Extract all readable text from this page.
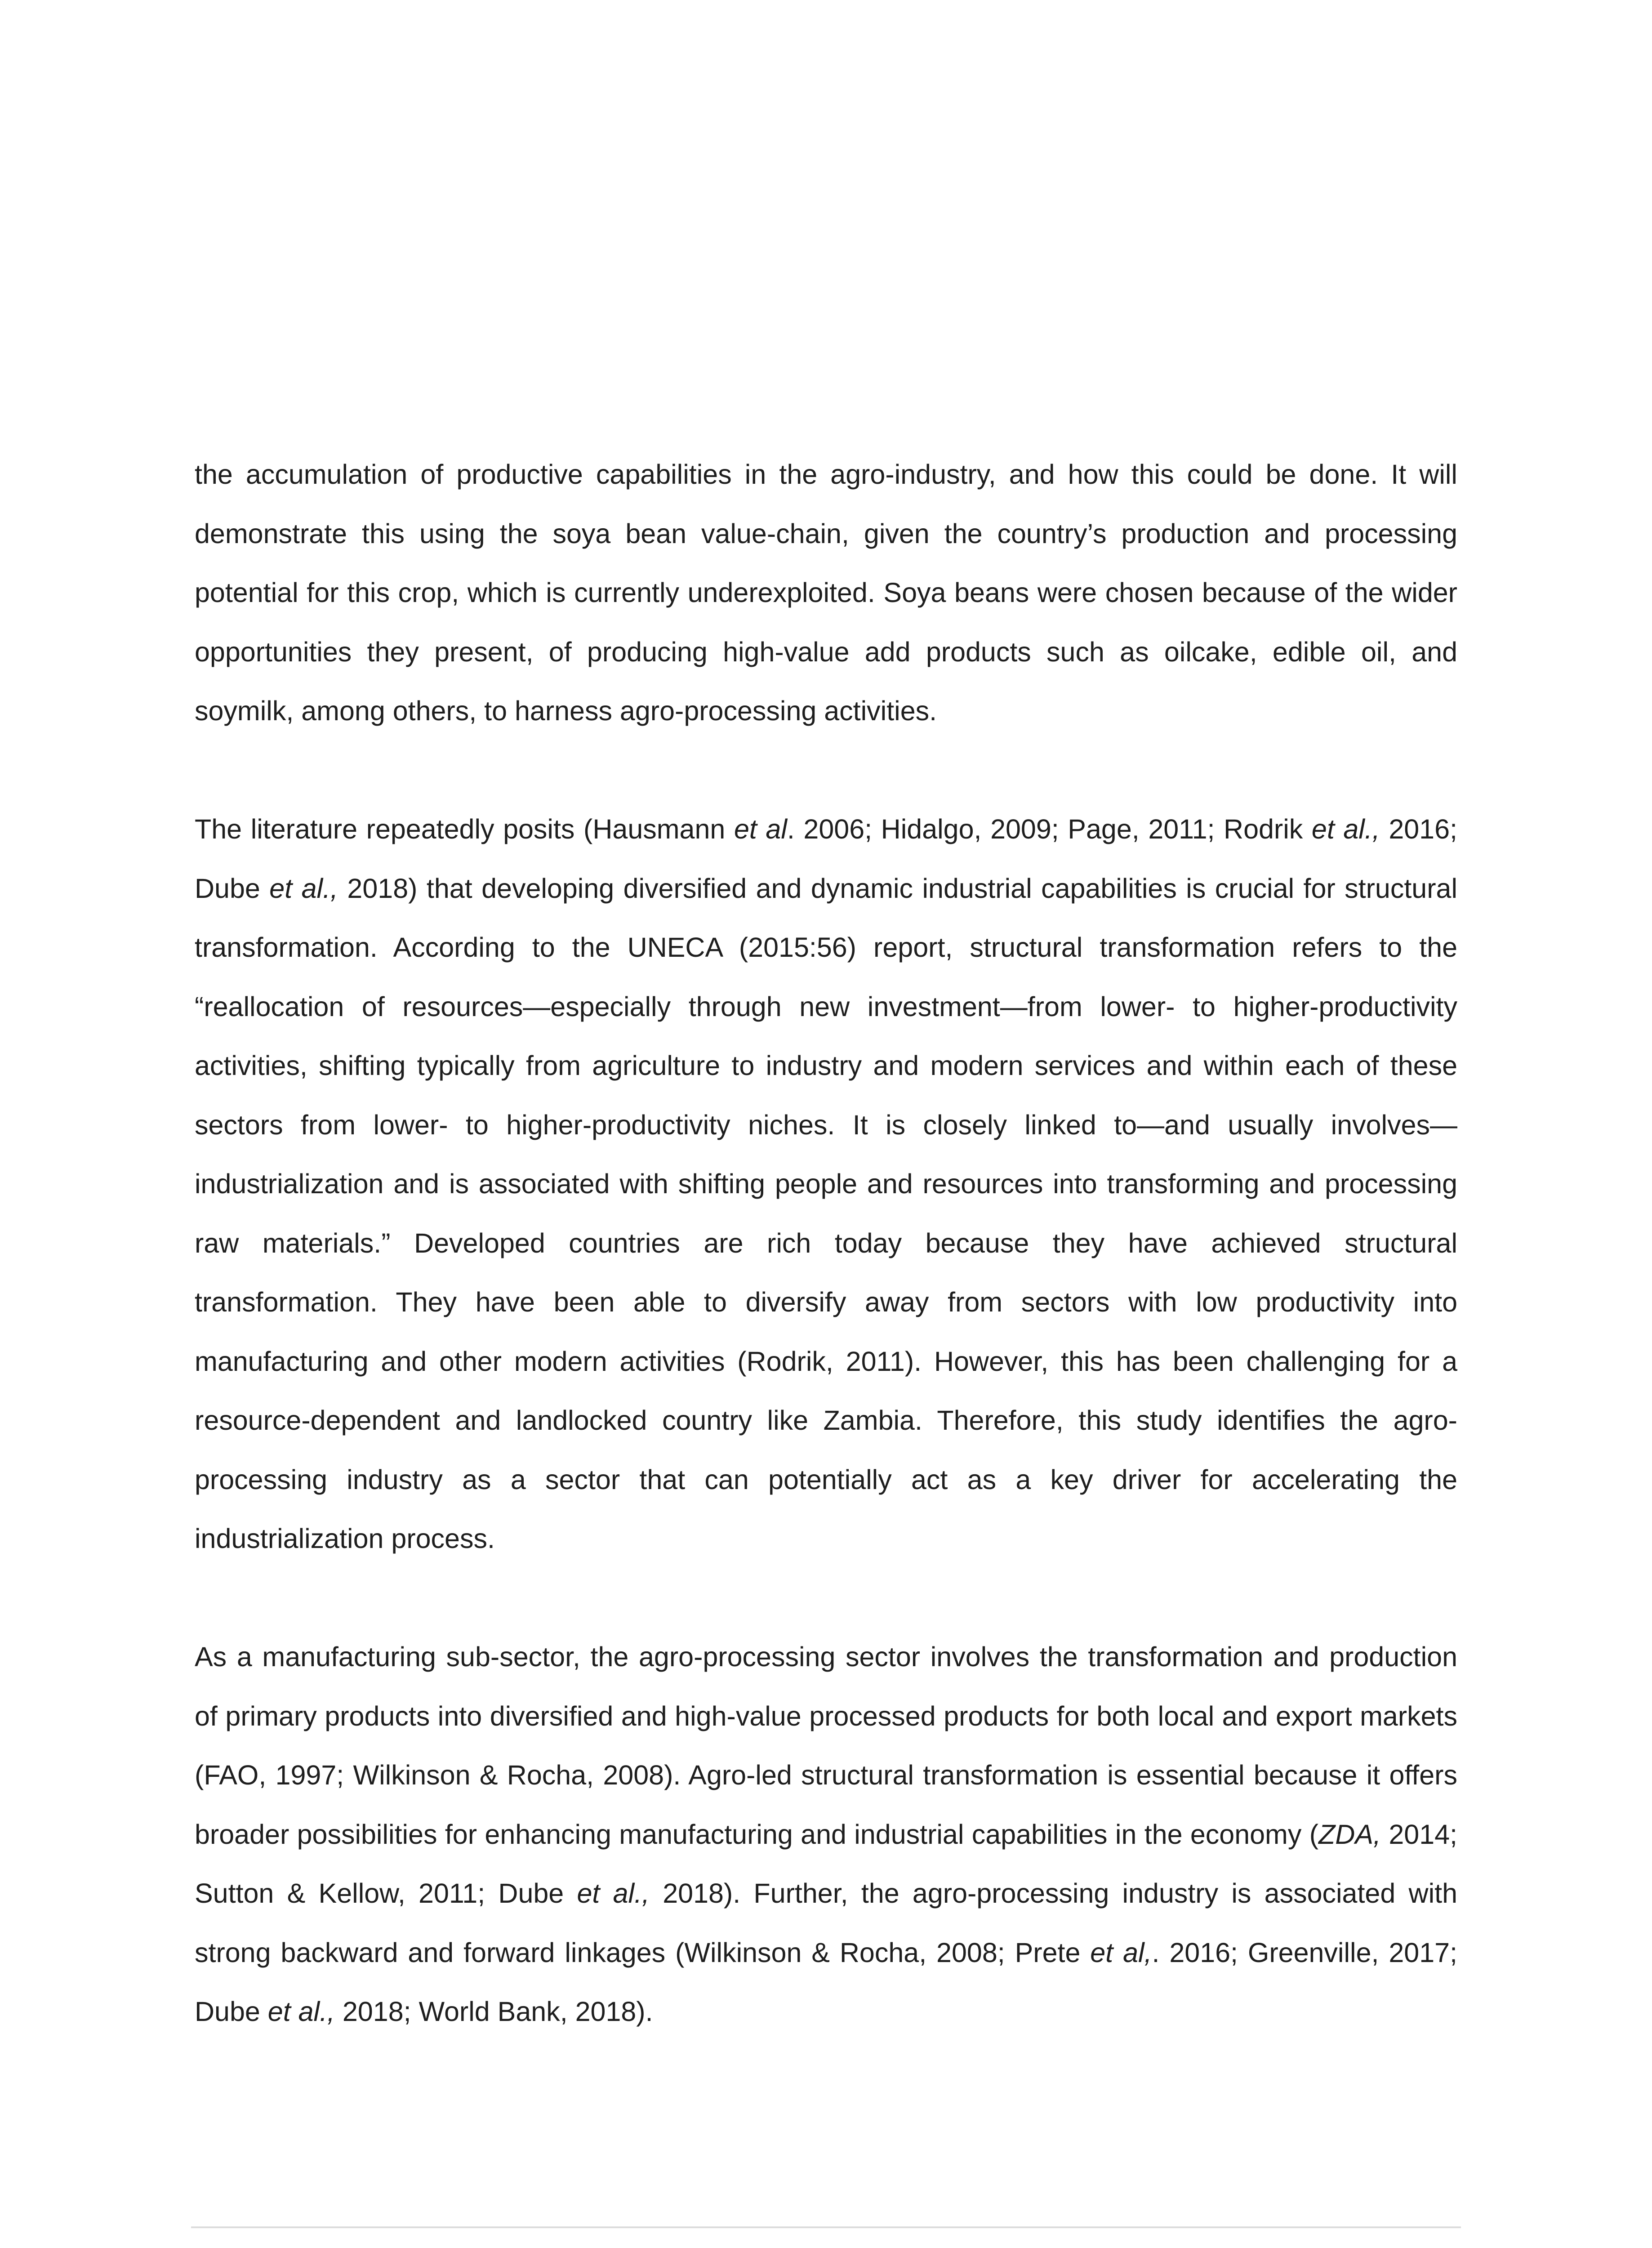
the accumulation of productive capabilities in the agro-industry, and how this could be done. It will demonstrate this using the soya bean value-chain, given the country’s production and processing potential for this crop, which is currently underexploited. Soya beans were chosen because of the wider opportunities they present, of producing high-value add products such as oilcake, edible oil, and soymilk, among others, to harness agro-processing activities.

The literature repeatedly posits (Hausmann et al. 2006; Hidalgo, 2009; Page, 2011; Rodrik et al., 2016; Dube et al., 2018) that developing diversified and dynamic industrial capabilities is crucial for structural transformation. According to the UNECA (2015:56) report, structural transformation refers to the “reallocation of resources—especially through new investment—from lower- to higher-productivity activities, shifting typically from agriculture to industry and modern services and within each of these sectors from lower- to higher-productivity niches. It is closely linked to—and usually involves—industrialization and is associated with shifting people and resources into transforming and processing raw materials.” Developed countries are rich today because they have achieved structural transformation. They have been able to diversify away from sectors with low productivity into manufacturing and other modern activities (Rodrik, 2011). However, this has been challenging for a resource-dependent and landlocked country like Zambia. Therefore, this study identifies the agro-processing industry as a sector that can potentially act as a key driver for accelerating the industrialization process.

As a manufacturing sub-sector, the agro-processing sector involves the transformation and production of primary products into diversified and high-value processed products for both local and export markets (FAO, 1997; Wilkinson & Rocha, 2008). Agro-led structural transformation is essential because it offers broader possibilities for enhancing manufacturing and industrial capabilities in the economy (ZDA, 2014; Sutton & Kellow, 2011; Dube et al., 2018). Further, the agro-processing industry is associated with strong backward and forward linkages (Wilkinson & Rocha, 2008; Prete et al,. 2016; Greenville, 2017; Dube et al., 2018; World Bank, 2018).
